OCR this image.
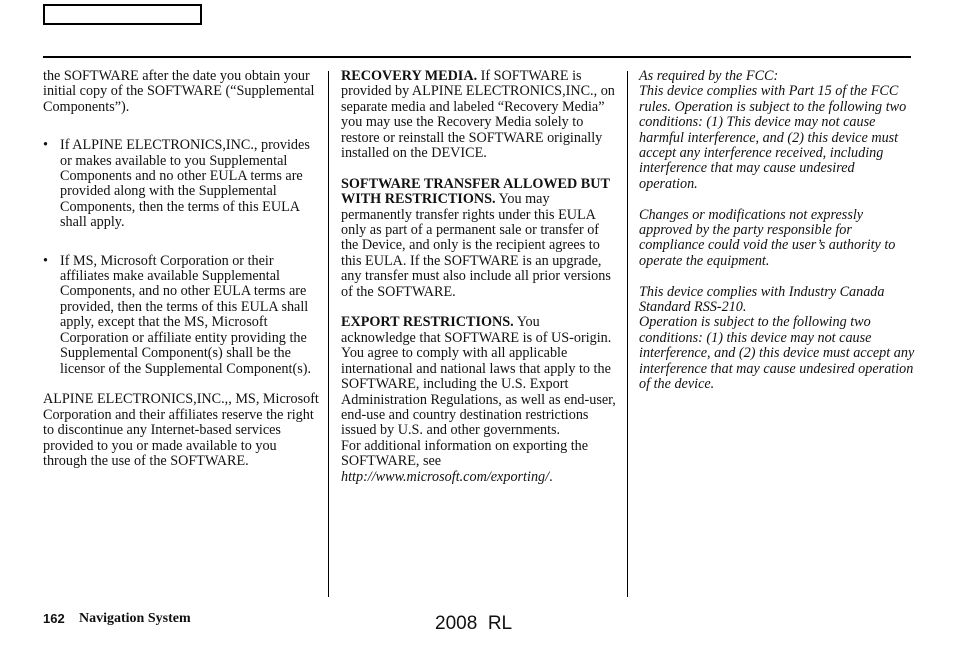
the SOFTWARE after the date you obtain your initial copy of the SOFTWARE (“Supplemental Components”).

• If ALPINE ELECTRONICS,INC., provides or makes available to you Supplemental Components and no other EULA terms are provided along with the Supplemental Components, then the terms of this EULA shall apply.

• If MS, Microsoft Corporation or their affiliates make available Supplemental Components, and no other EULA terms are provided, then the terms of this EULA shall apply, except that the MS, Microsoft Corporation or affiliate entity providing the Supplemental Component(s) shall be the licensor of the Supplemental Component(s).

ALPINE ELECTRONICS,INC.,, MS, Microsoft Corporation and their affiliates reserve the right to discontinue any Internet-based services provided to you or made available to you through the use of the SOFTWARE.

RECOVERY MEDIA. If SOFTWARE is provided by ALPINE ELECTRONICS,INC., on separate media and labeled “Recovery Media” you may use the Recovery Media solely to restore or reinstall the SOFTWARE originally installed on the DEVICE.

SOFTWARE TRANSFER ALLOWED BUT WITH RESTRICTIONS. You may permanently transfer rights under this EULA only as part of a permanent sale or transfer of the Device, and only is the recipient agrees to this EULA. If the SOFTWARE is an upgrade, any transfer must also include all prior versions of the SOFTWARE.

EXPORT RESTRICTIONS. You acknowledge that SOFTWARE is of US-origin. You agree to comply with all applicable international and national laws that apply to the SOFTWARE, including the U.S. Export Administration Regulations, as well as end-user, end-use and country destination restrictions issued by U.S. and other governments.

For additional information on exporting the SOFTWARE, see http://www.microsoft.com/exporting/.

As required by the FCC:

This device complies with Part 15 of the FCC rules. Operation is subject to the following two conditions: (1) This device may not cause harmful interference, and (2) this device must accept any interference received, including interference that may cause undesired operation.

Changes or modifications not expressly approved by the party responsible for compliance could void the user’s authority to operate the equipment.

This device complies with Industry Canada Standard RSS-210.

Operation is subject to the following two conditions: (1) this device may not cause interference, and (2) this device must accept any interference that may cause undesired operation of the device.

162 Navigation System	2008  RL
